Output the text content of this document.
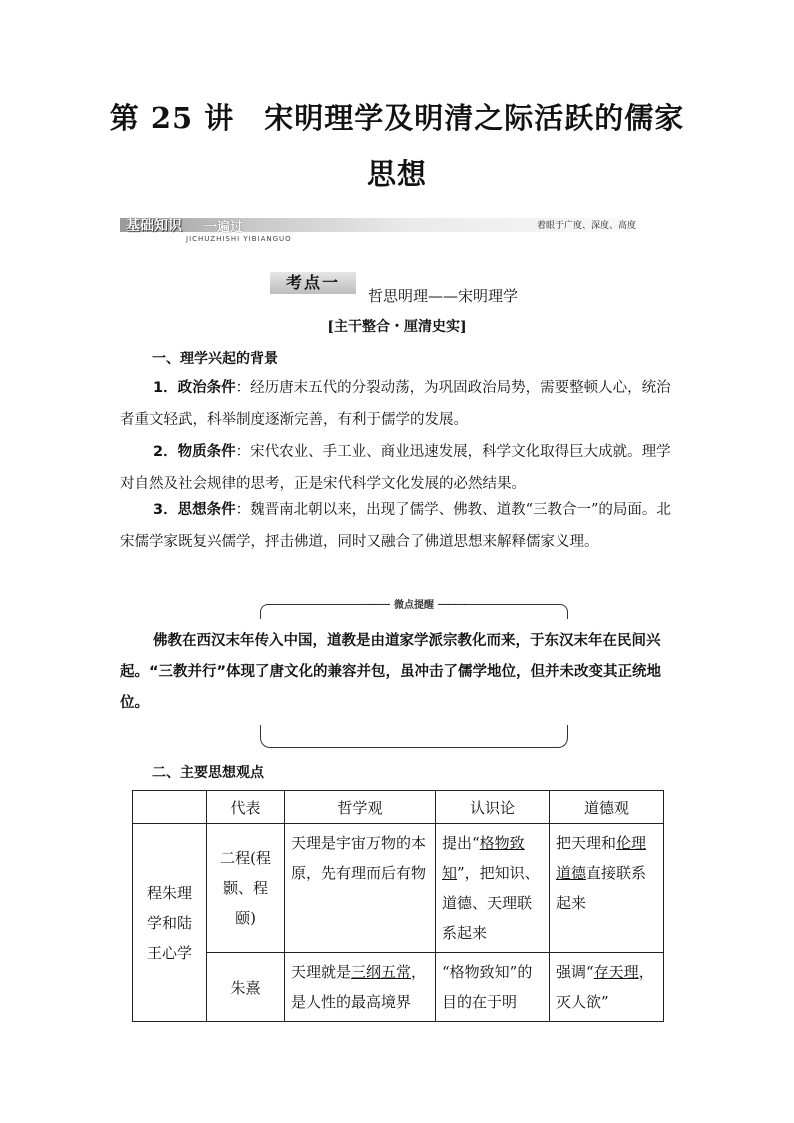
第 25 讲　宋明理学及明清之际活跃的儒家
思想
基础知识 一遍过
JICHUZHISHI YIBIANGUO
着眼于广度、深度、高度
考点一
哲思明理——宋明理学
[主干整合・厘清史实]
一、理学兴起的背景
1．政治条件：经历唐末五代的分裂动荡，为巩固政治局势，需要整顿人心，统治者重文轻武，科举制度逐渐完善，有利于儒学的发展。
2．物质条件：宋代农业、手工业、商业迅速发展，科学文化取得巨大成就。理学对自然及社会规律的思考，正是宋代科学文化发展的必然结果。
3．思想条件：魏晋南北朝以来，出现了儒学、佛教、道教“三教合一”的局面。北宋儒学家既复兴儒学，抨击佛道，同时又融合了佛道思想来解释儒家义理。
········· 微点提醒 ·········
佛教在西汉末年传入中国，道教是由道家学派宗教化而来，于东汉末年在民间兴起。“三教并行”体现了唐文化的兼容并包，虽冲击了儒学地位，但并未改变其正统地位。
二、主要思想观点
	代表	哲学观	认识论	道德观
程朱理学和陆王心学	二程(程颢、程颐)	天理是宇宙万物的本原，先有理而后有物	提出“格物致知”，把知识、道德、天理联系起来	把天理和伦理道德直接联系起来
	朱熹	天理就是三纲五常，是人性的最高境界	“格物致知”的目的在于明	强调“存天理，灭人欲”
